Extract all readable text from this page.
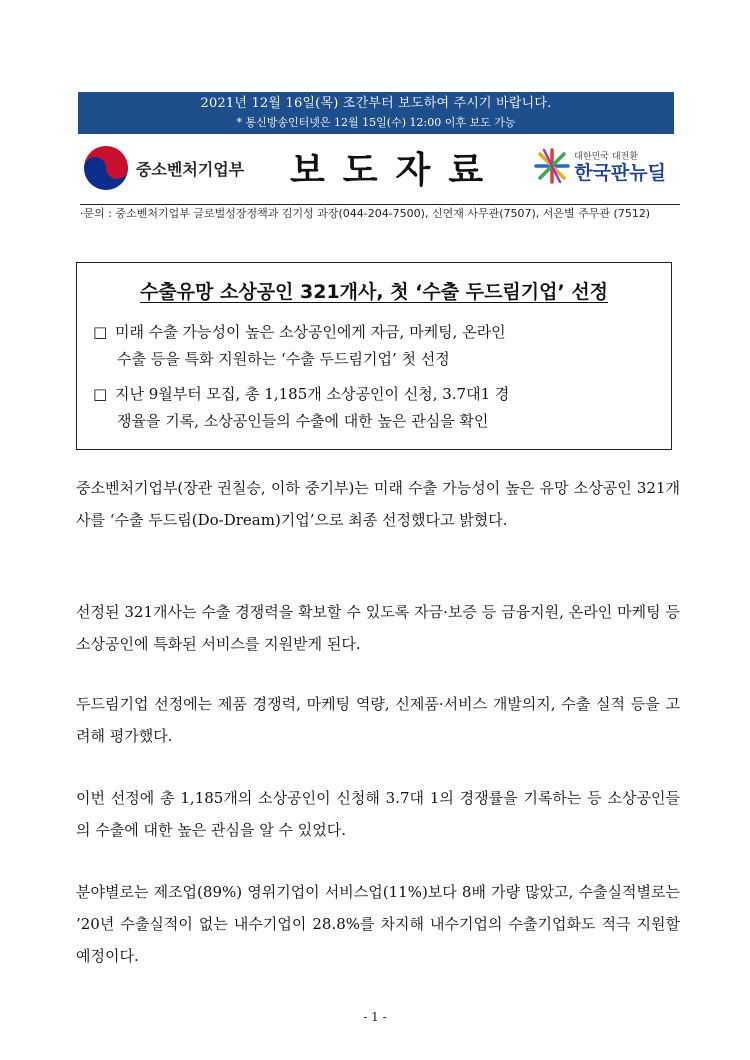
2021년 12월 16일(목) 조간부터 보도하여 주시기 바랍니다.
* 통신방송인터넷은 12월 15일(수) 12:00 이후 보도 가능
중소벤처기업부 보도자료	대한민국 대전환
한국판뉴딜
·문의 : 중소벤처기업부 글로벌성장정책과 김기성 과장(044-204-7500), 신연재 사무관(7507), 서은별 주무관 (7512)
수출유망 소상공인 321개사, 첫 ‘수출 두드림기업’ 선정
□ 미래 수출 가능성이 높은 소상공인에게 자금, 마케팅, 온라인
수출 등을 특화 지원하는 ‘수출 두드림기업’ 첫 선정
□ 지난 9월부터 모집, 총 1,185개 소상공인이 신청, 3.7대1 경
쟁율을 기록, 소상공인들의 수출에 대한 높은 관심을 확인
중소벤처기업부(장관 권칠승, 이하 중기부)는 미래 수출 가능성이 높은 유망 소상공인 321개사를 ‘수출 두드림(Do-Dream)기업’으로 최종 선정했다고 밝혔다.
선정된 321개사는 수출 경쟁력을 확보할 수 있도록 자금·보증 등 금융지원, 온라인 마케팅 등 소상공인에 특화된 서비스를 지원받게 된다.
두드림기업 선정에는 제품 경쟁력, 마케팅 역량, 신제품·서비스 개발의지, 수출 실적 등을 고려해 평가했다.
이번 선정에 총 1,185개의 소상공인이 신청해 3.7대 1의 경쟁률을 기록하는 등 소상공인들의 수출에 대한 높은 관심을 알 수 있었다.
분야별로는 제조업(89%) 영위기업이 서비스업(11%)보다 8배 가량 많았고, 수출실적별로는 ’20년 수출실적이 없는 내수기업이 28.8%를 차지해 내수기업의 수출기업화도 적극 지원할 예정이다.
- 1 -
